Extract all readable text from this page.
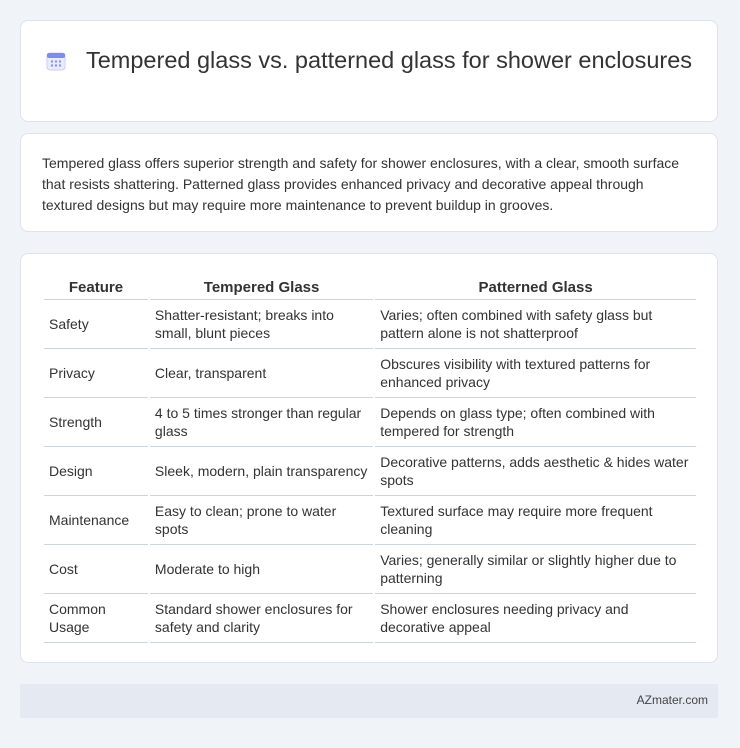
Tempered glass vs. patterned glass for shower enclosures

Tempered glass offers superior strength and safety for shower enclosures, with a clear, smooth surface that resists shattering. Patterned glass provides enhanced privacy and decorative appeal through textured designs but may require more maintenance to prevent buildup in grooves.

Feature	Tempered Glass	Patterned Glass
Safety	Shatter-resistant; breaks into small, blunt pieces	Varies; often combined with safety glass but pattern alone is not shatterproof
Privacy	Clear, transparent	Obscures visibility with textured patterns for enhanced privacy
Strength	4 to 5 times stronger than regular glass	Depends on glass type; often combined with tempered for strength
Design	Sleek, modern, plain transparency	Decorative patterns, adds aesthetic & hides water spots
Maintenance	Easy to clean; prone to water spots	Textured surface may require more frequent cleaning
Cost	Moderate to high	Varies; generally similar or slightly higher due to patterning
Common Usage	Standard shower enclosures for safety and clarity	Shower enclosures needing privacy and decorative appeal
AZmater.com
